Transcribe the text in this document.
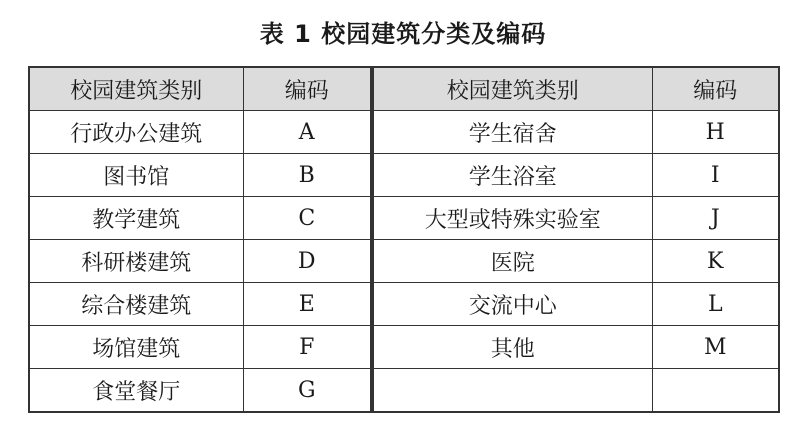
表 1 校园建筑分类及编码
校园建筑类别	编码	校园建筑类别	编码
行政办公建筑	A	学生宿舍	H
图书馆	B	学生浴室	I
教学建筑	C	大型或特殊实验室	J
科研楼建筑	D	医院	K
综合楼建筑	E	交流中心	L
场馆建筑	F	其他	M
食堂餐厅	G		
